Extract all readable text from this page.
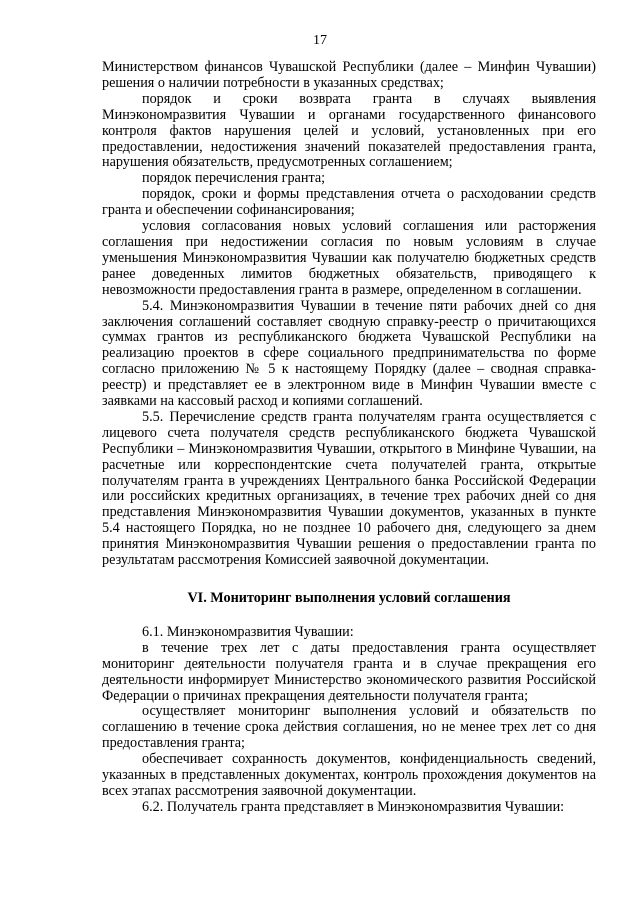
17

Министерством финансов Чувашской Республики (далее – Минфин Чувашии) решения о наличии потребности в указанных средствах;

порядок и сроки возврата гранта в случаях выявления Минэкономразвития Чувашии и органами государственного финансового контроля фактов нарушения целей и условий, установленных при его предоставлении, недостижения значений показателей предоставления гранта, нарушения обязательств, предусмотренных соглашением;

порядок перечисления гранта;

порядок, сроки и формы представления отчета о расходовании средств гранта и обеспечении софинансирования;

условия согласования новых условий соглашения или расторжения соглашения при недостижении согласия по новым условиям в случае уменьшения Минэкономразвития Чувашии как получателю бюджетных средств ранее доведенных лимитов бюджетных обязательств, приводящего к невозможности предоставления гранта в размере, определенном в соглашении.

5.4. Минэкономразвития Чувашии в течение пяти рабочих дней со дня заключения соглашений составляет сводную справку-реестр о причитающихся суммах грантов из республиканского бюджета Чувашской Республики на реализацию проектов в сфере социального предпринимательства по форме согласно приложению № 5 к настоящему Порядку (далее – сводная справка-реестр) и представляет ее в электронном виде в Минфин Чувашии вместе с заявками на кассовый расход и копиями соглашений.

5.5. Перечисление средств гранта получателям гранта осуществляется с лицевого счета получателя средств республиканского бюджета Чувашской Республики – Минэкономразвития Чувашии, открытого в Минфине Чувашии, на расчетные или корреспондентские счета получателей гранта, открытые получателям гранта в учреждениях Центрального банка Российской Федерации или российских кредитных организациях, в течение трех рабочих дней со дня представления Минэкономразвития Чувашии документов, указанных в пункте 5.4 настоящего Порядка, но не позднее 10 рабочего дня, следующего за днем принятия Минэкономразвития Чувашии решения о предоставлении гранта по результатам рассмотрения Комиссией заявочной документации.

VI. Мониторинг выполнения условий соглашения

6.1. Минэкономразвития Чувашии:

в течение трех лет с даты предоставления гранта осуществляет мониторинг деятельности получателя гранта и в случае прекращения его деятельности информирует Министерство экономического развития Российской Федерации о причинах прекращения деятельности получателя гранта;

осуществляет мониторинг выполнения условий и обязательств по соглашению в течение срока действия соглашения, но не менее трех лет со дня предоставления гранта;

обеспечивает сохранность документов, конфиденциальность сведений, указанных в представленных документах, контроль прохождения документов на всех этапах рассмотрения заявочной документации.

6.2. Получатель гранта представляет в Минэкономразвития Чувашии:
